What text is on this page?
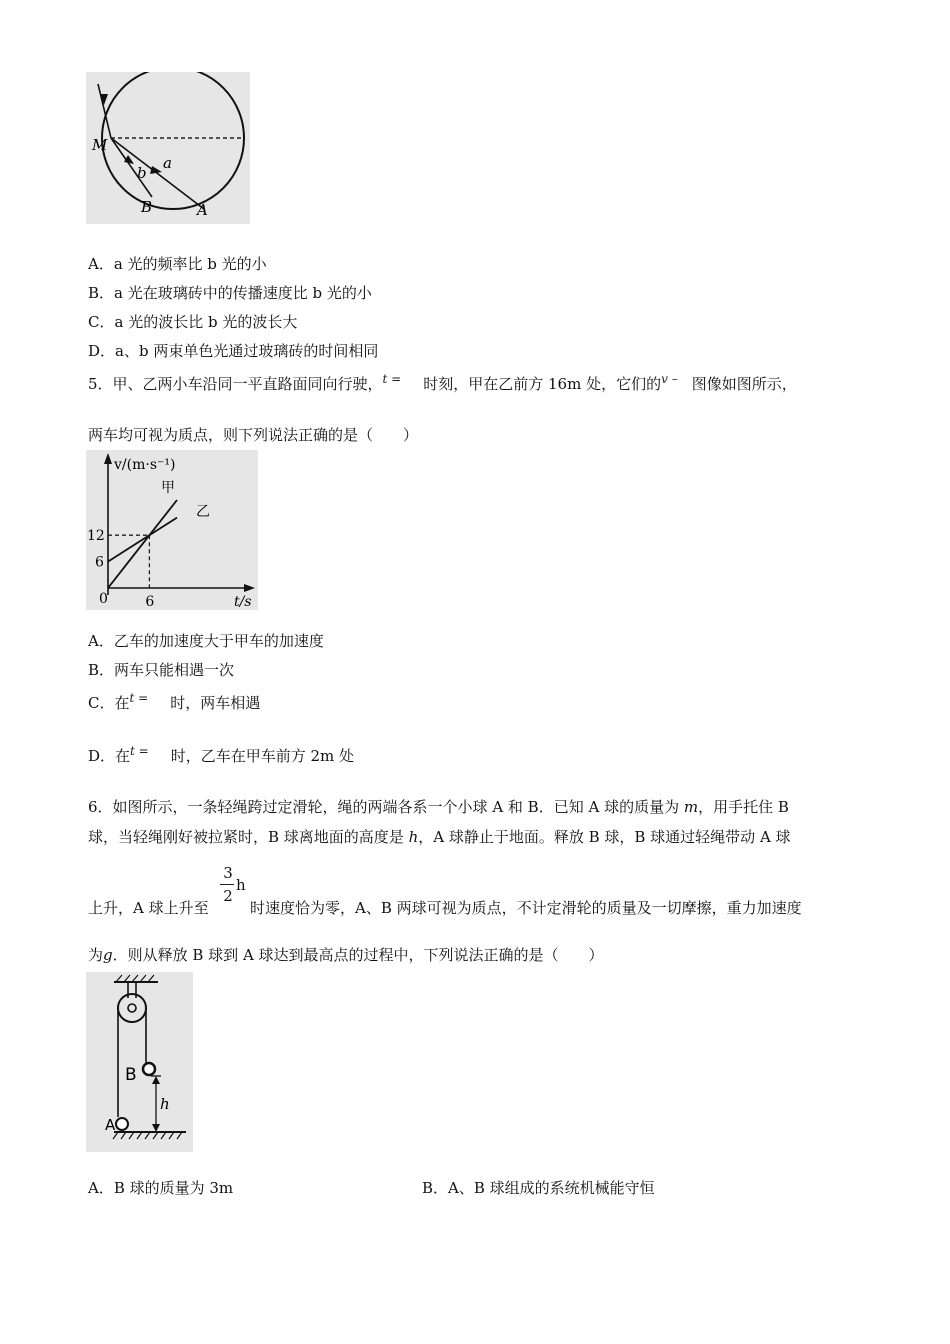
M
a
b
B	A
A．a 光的频率比 b 光的小
B．a 光在玻璃砖中的传播速度比 b 光的小
C．a 光的波长比 b 光的波长大
D．a、b 两束单色光通过玻璃砖的时间相同
5．甲、乙两小车沿同一平直路面同向行驶，$^{t =}$ 时刻，甲在乙前方 16m 处，它们的$^{v -}$ 图像如图所示，
两车均可视为质点，则下列说法正确的是（　　）
v/(m·s⁻¹)
12
6
0	6	t/s
甲
乙
A．乙车的加速度大于甲车的加速度
B．两车只能相遇一次
C．在$^{t =}$ 时，两车相遇
D．在$^{t =}$ 时，乙车在甲车前方 2m 处
6．如图所示，一条轻绳跨过定滑轮，绳的两端各系一个小球 A 和 B．已知 A 球的质量为 m，用手托住 B
球，当轻绳刚好被拉紧时，B 球离地面的高度是 h，A 球静止于地面。释放 B 球，B 球通过轻绳带动 A 球
3
2
h
上升，A 球上升至	时速度恰为零，A、B 两球可视为质点，不计定滑轮的质量及一切摩擦，重力加速度
为g．则从释放 B 球到 A 球达到最高点的过程中，下列说法正确的是（　　）
B
A
h
A．B 球的质量为 3m	B．A、B 球组成的系统机械能守恒
